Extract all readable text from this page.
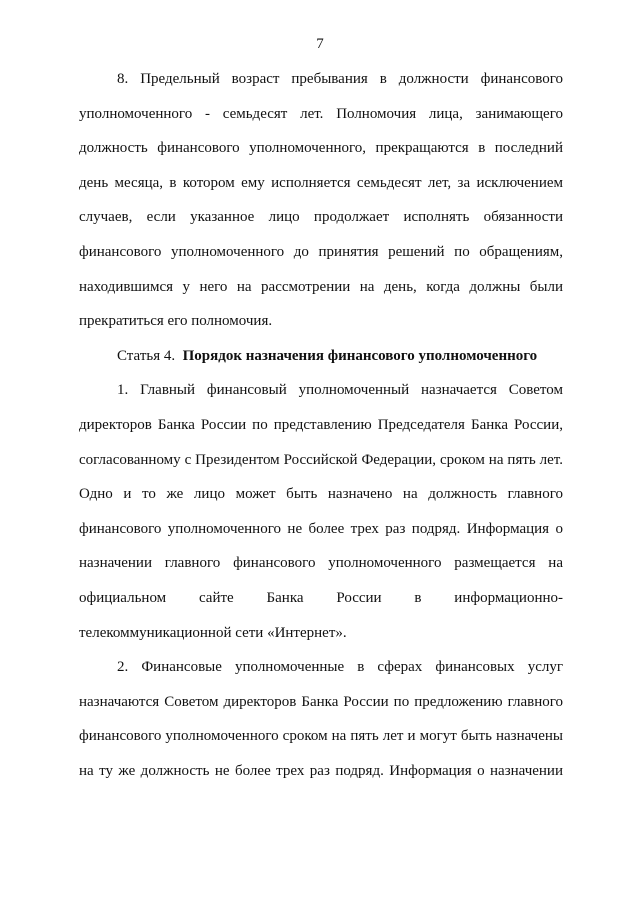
7

8. Предельный возраст пребывания в должности финансового уполномоченного - семьдесят лет. Полномочия лица, занимающего должность финансового уполномоченного, прекращаются в последний день месяца, в котором ему исполняется семьдесят лет, за исключением случаев, если указанное лицо продолжает исполнять обязанности финансового уполномоченного до принятия решений по обращениям, находившимся у него на рассмотрении на день, когда должны были прекратиться его полномочия.

Статья 4. Порядок назначения финансового уполномоченного

1. Главный финансовый уполномоченный назначается Советом директоров Банка России по представлению Председателя Банка России, согласованному с Президентом Российской Федерации, сроком на пять лет. Одно и то же лицо может быть назначено на должность главного финансового уполномоченного не более трех раз подряд. Информация о назначении главного финансового уполномоченного размещается на официальном сайте Банка России в информационно-телекоммуникационной сети «Интернет».

2. Финансовые уполномоченные в сферах финансовых услуг назначаются Советом директоров Банка России по предложению главного финансового уполномоченного сроком на пять лет и могут быть назначены на ту же должность не более трех раз подряд. Информация о назначении
